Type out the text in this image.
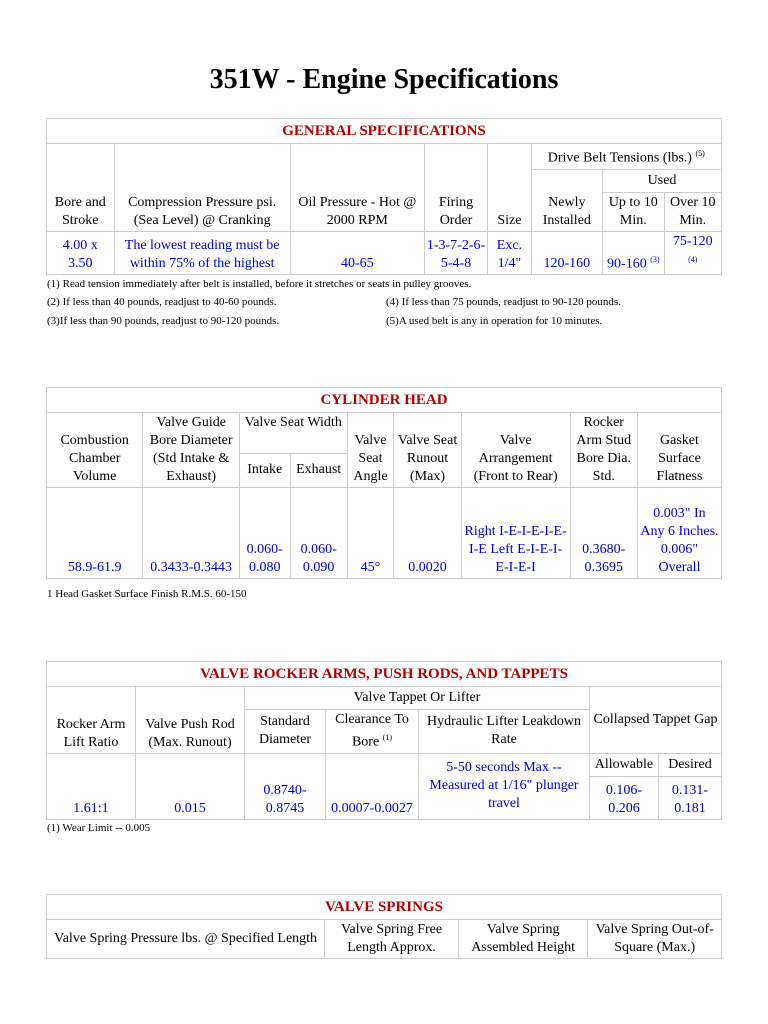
351W - Engine Specifications
GENERAL SPECIFICATIONS							
Bore and Stroke	Compression Pressure psi. (Sea Level) @ Cranking	Oil Pressure - Hot @ 2000 RPM	Firing Order	Size	Drive Belt Tensions (lbs.) $^{(5)}$
					Newly Installed	Used	
						Up to 10 Min.	Over 10 Min.
4.00 x 3.50	The lowest reading must be within 75% of the highest	40-65	1-3-7-2-6-5-4-8	Exc. 1/4"	120-160	90-160 $^{(3)}$	75-120 $^{(4)}$
(1) Read tension immediately after belt is installed, before it stretches or seats in pulley grooves.
(2) If less than 40 pounds, readjust to 40-60 pounds.	(4) If less than 75 pounds, readjust to 90-120 pounds.
(3)If less than 90 pounds, readjust to 90-120 pounds.	(5)A used belt is any in operation for 10 minutes.
CYLINDER HEAD								
Combustion Chamber Volume	Valve Guide Bore Diameter (Std Intake & Exhaust)	Valve Seat Width		Valve Seat Angle	Valve Seat Runout (Max)	Valve Arrangement (Front to Rear)	Rocker Arm Stud Bore Dia. Std.	Gasket Surface Flatness
		Intake	Exhaust					
58.9-61.9	0.3433-0.3443	0.060-0.080	0.060-0.090	45°	0.0020	Right I-E-I-E-I-E-I-E Left E-I-E-I-E-I-E-I	0.3680-0.3695	0.003" In Any 6 Inches. 0.006" Overall
1 Head Gasket Surface Finish R.M.S. 60-150
VALVE ROCKER ARMS, PUSH RODS, AND TAPPETS						
Rocker Arm Lift Ratio	Valve Push Rod (Max. Runout)	Valve Tappet Or Lifter			Collapsed Tappet Gap	
		Standard Diameter	Clearance To Bore $^{(1)}$	Hydraulic Lifter Leakdown Rate		
1.61:1	0.015	0.8740-0.8745	0.0007-0.0027	5-50 seconds Max -- Measured at 1/16" plunger travel	Allowable	Desired
					0.106-0.206	0.131-0.181
(1) Wear Limit -- 0.005
VALVE SPRINGS
Valve Spring Pressure lbs. @ Specified Length	Valve Spring Free Length Approx.	Valve Spring Assembled Height	Valve Spring Out-of-Square (Max.)
